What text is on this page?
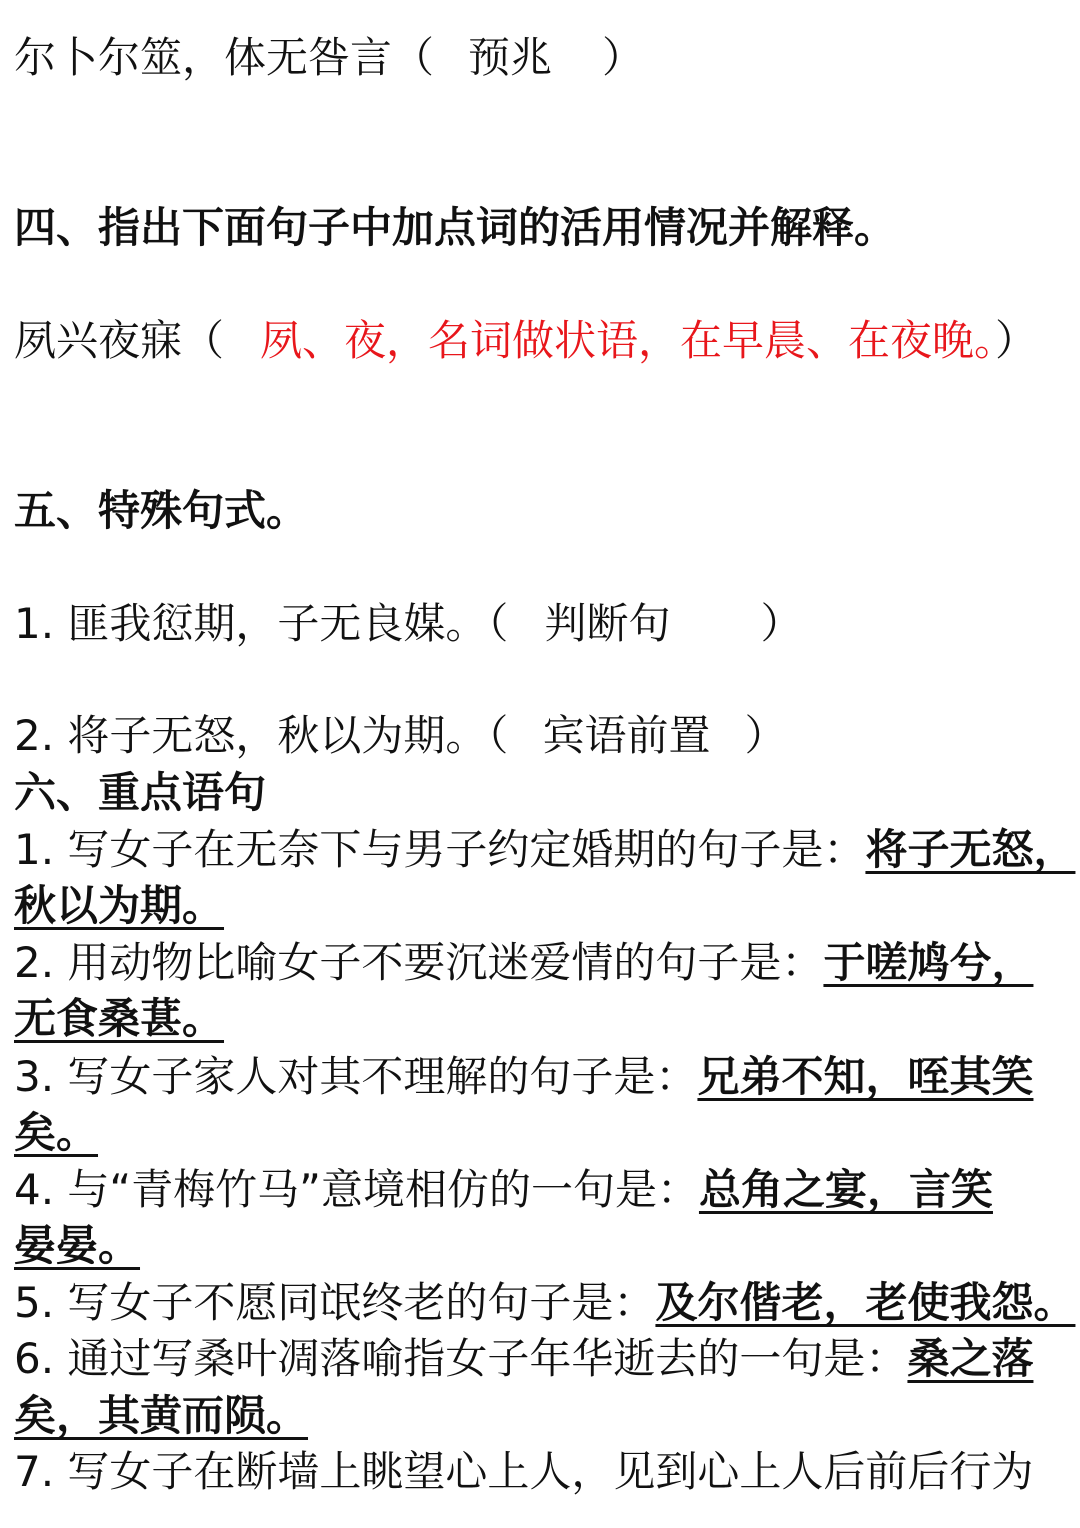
尔卜尔筮，体无咎言（ 预兆 ）
四、指出下面句子中加点词的活用情况并解释。
夙兴夜寐（ 夙、夜，名词做状语，在早晨、在夜晚。）
五、特殊句式。
1. 匪我愆期，子无良媒。（ 判断句 ）
2. 将子无怒，秋以为期。（ 宾语前置 ）
六、重点语句
1. 写女子在无奈下与男子约定婚期的句子是：将子无怒，
秋以为期。
2. 用动物比喻女子不要沉迷爱情的句子是：于嗟鸠兮，
无食桑葚。
3. 写女子家人对其不理解的句子是：兄弟不知，咥其笑
矣。
4. 与“青梅竹马”意境相仿的一句是：总角之宴，言笑
晏晏。
5. 写女子不愿同氓终老的句子是：及尔偕老，老使我怨。
6. 通过写桑叶凋落喻指女子年华逝去的一句是：桑之落
矣，其黄而陨。
7. 写女子在断墙上眺望心上人，见到心上人后前后行为
